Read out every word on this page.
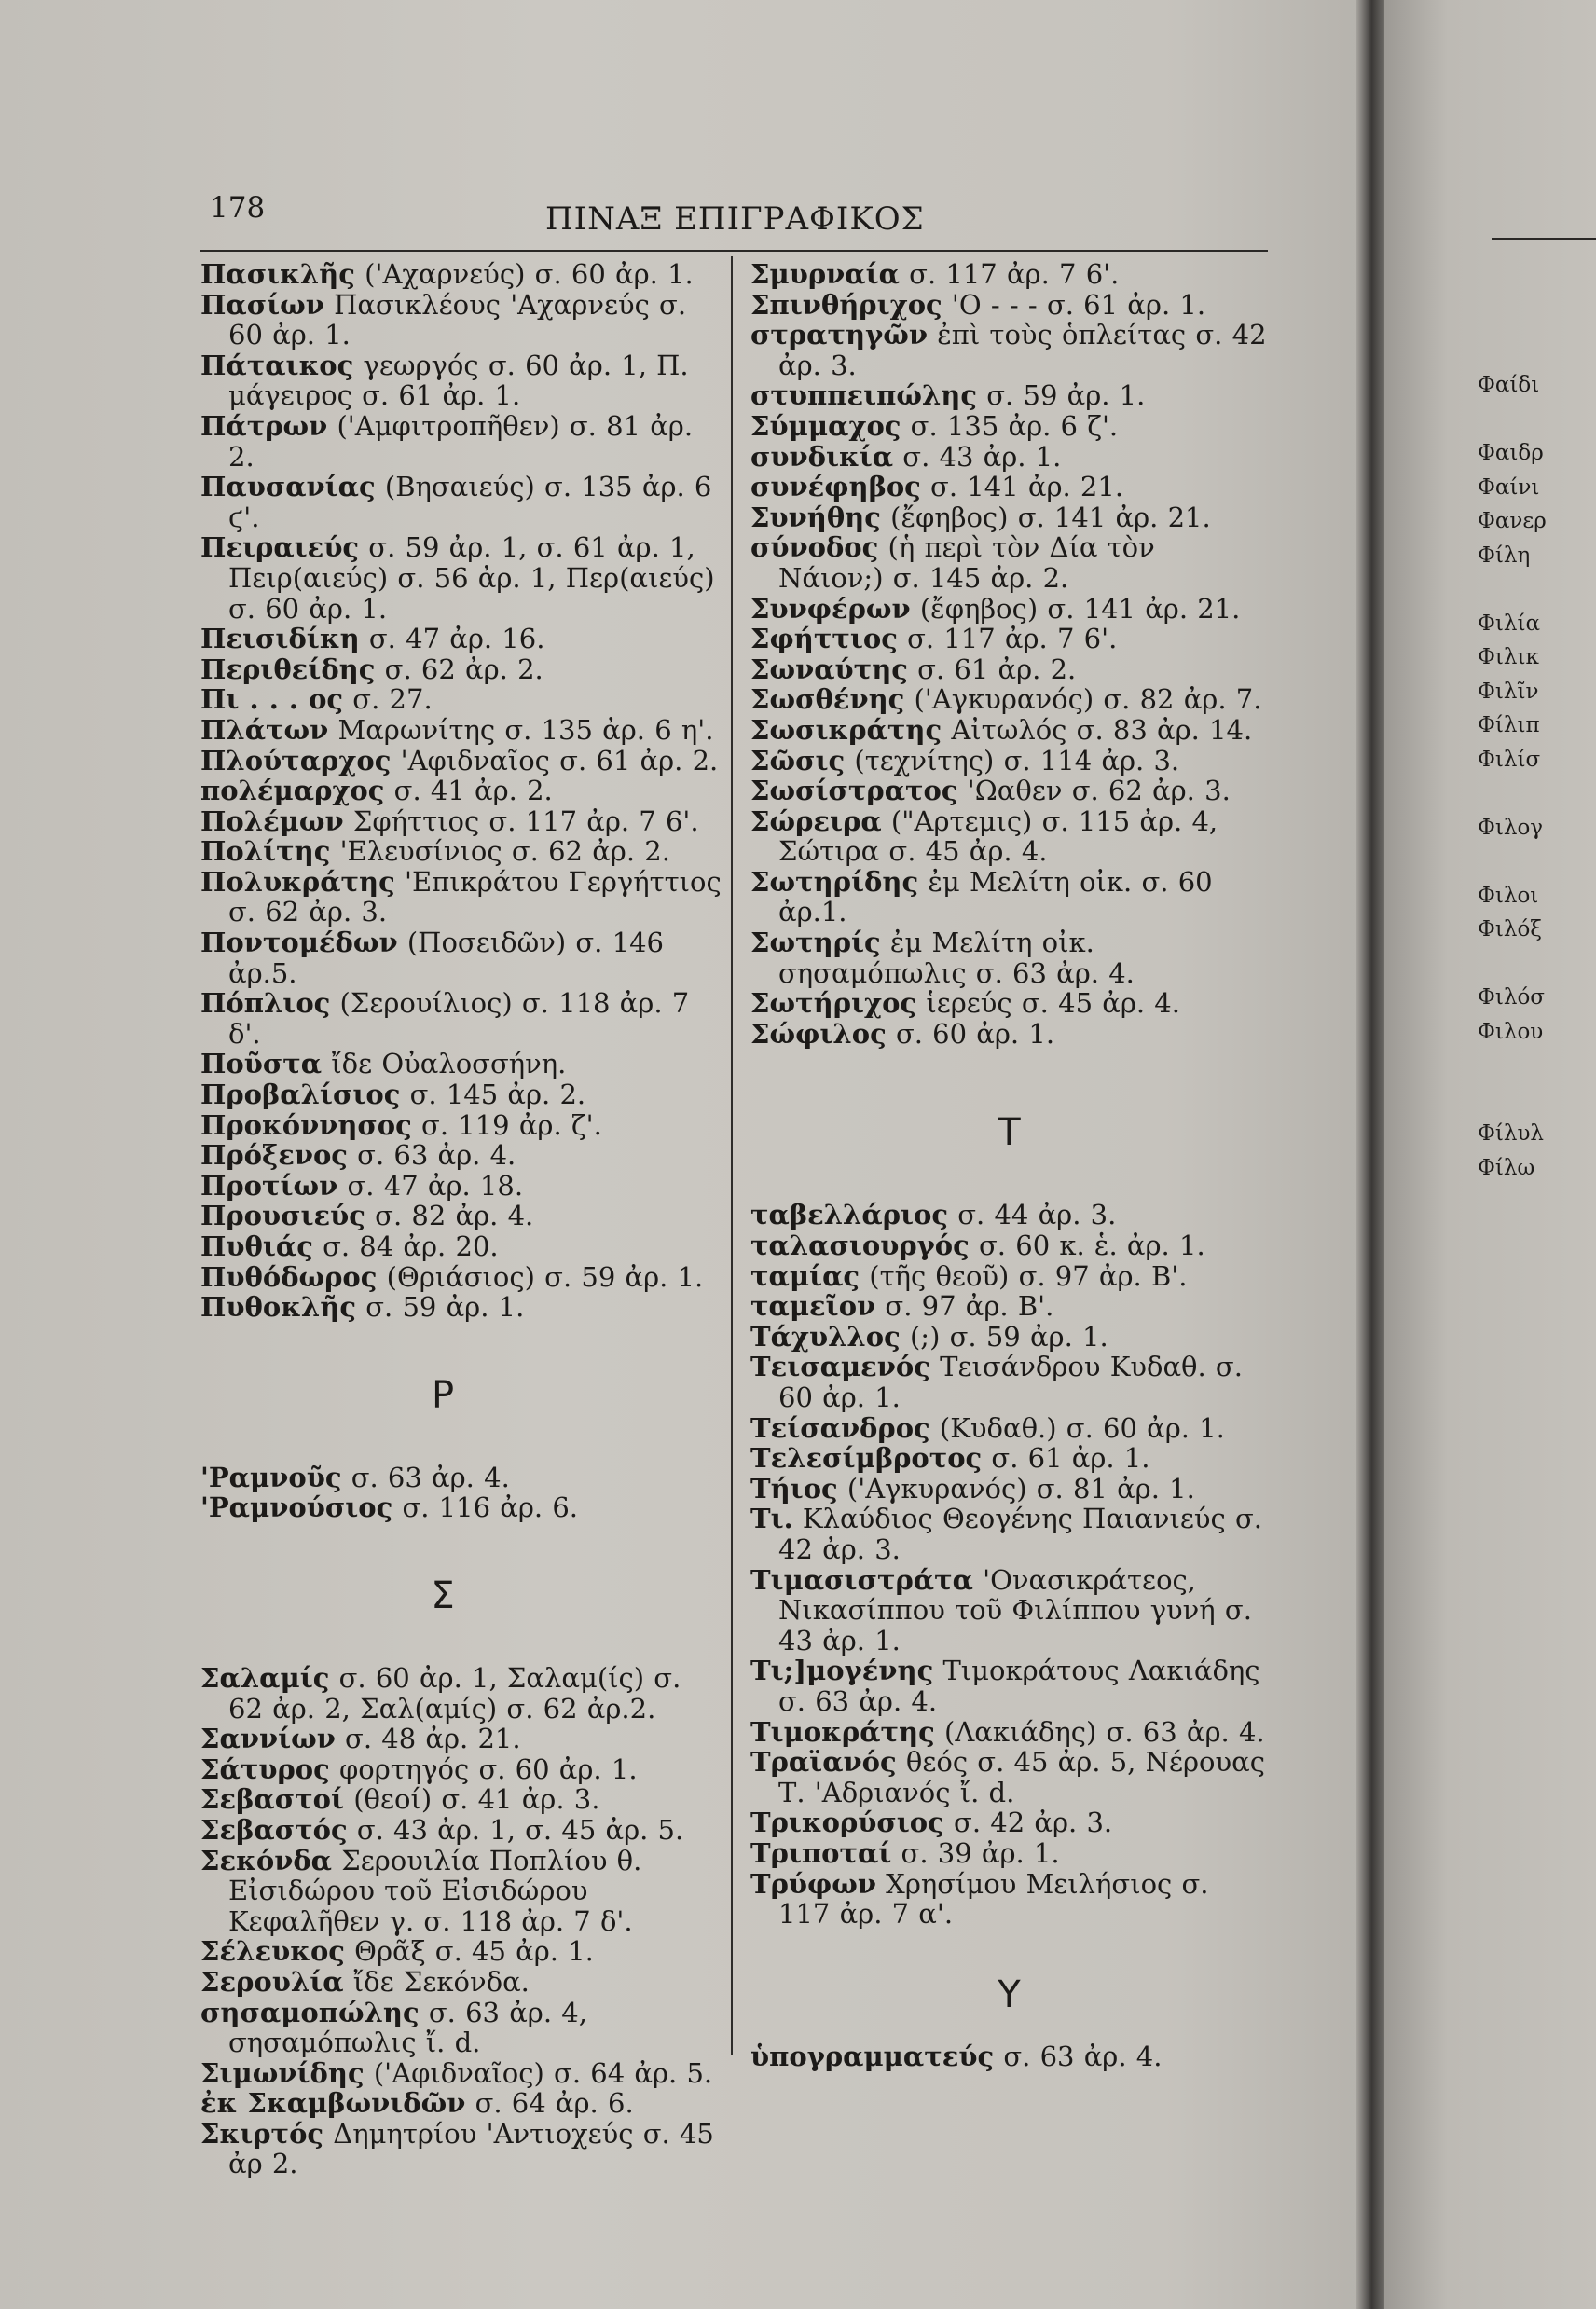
178	ΠΙΝΑΞ ΕΠΙΓΡΑΦΙΚΟΣ
Πασικλῆς ('Αχαρνεύς) σ. 60 ἀρ. 1.
Πασίων Πασικλέους 'Αχαρνεύς σ. 60 ἀρ. 1.
Πάταικος γεωργός σ. 60 ἀρ. 1, Π. μάγειρος σ. 61 ἀρ. 1.
Πάτρων ('Αμφιτροπῆθεν) σ. 81 ἀρ. 2.
Παυσανίας (Βησαιεύς) σ. 135 ἀρ. 6 ϛ'.
Πειραιεύς σ. 59 ἀρ. 1, σ. 61 ἀρ. 1, Πειρ(αιεύς) σ. 56 ἀρ. 1, Περ(αιεύς) σ. 60 ἀρ. 1.
Πεισιδίκη σ. 47 ἀρ. 16.
Περιθείδης σ. 62 ἀρ. 2.
Πι . . . ος σ. 27.
Πλάτων Μαρωνίτης σ. 135 ἀρ. 6 η'.
Πλούταρχος 'Αφιδναῖος σ. 61 ἀρ. 2.
πολέμαρχος σ. 41 ἀρ. 2.
Πολέμων Σφήττιος σ. 117 ἀρ. 7 6'.
Πολίτης 'Ελευσίνιος σ. 62 ἀρ. 2.
Πολυκράτης 'Επικράτου Γεργήττιος σ. 62 ἀρ. 3.
Ποντομέδων (Ποσειδῶν) σ. 146 ἀρ.5.
Πόπλιος (Σερουίλιος) σ. 118 ἀρ. 7 δ'.
Ποῦστα ἴδε Οὐαλοσσήνη.
Προβαλίσιος σ. 145 ἀρ. 2.
Προκόννησος σ. 119 ἀρ. ζ'.
Πρόξενος σ. 63 ἀρ. 4.
Προτίων σ. 47 ἀρ. 18.
Προυσιεύς σ. 82 ἀρ. 4.
Πυθιάς σ. 84 ἀρ. 20.
Πυθόδωρος (Θριάσιος) σ. 59 ἀρ. 1.
Πυθοκλῆς σ. 59 ἀρ. 1.
Ρ
'Ραμνοῦς σ. 63 ἀρ. 4.
'Ραμνούσιος σ. 116 ἀρ. 6.
Σ
Σαλαμίς σ. 60 ἀρ. 1, Σαλαμ(ίς) σ. 62 ἀρ. 2, Σαλ(αμίς) σ. 62 ἀρ.2.
Σαννίων σ. 48 ἀρ. 21.
Σάτυρος φορτηγός σ. 60 ἀρ. 1.
Σεβαστοί (θεοί) σ. 41 ἀρ. 3.
Σεβαστός σ. 43 ἀρ. 1, σ. 45 ἀρ. 5.
Σεκόνδα Σερουιλία Ποπλίου θ. Εἰσιδώρου τοῦ Εἰσιδώρου Κεφαλῆθεν γ. σ. 118 ἀρ. 7 δ'.
Σέλευκος Θρᾶξ σ. 45 ἀρ. 1.
Σερουλία ἴδε Σεκόνδα.
σησαμοπώλης σ. 63 ἀρ. 4, σησαμόπωλις ἴ. d.
Σιμωνίδης ('Αφιδναῖος) σ. 64 ἀρ. 5.
ἐκ Σκαμβωνιδῶν σ. 64 ἀρ. 6.
Σκιρτός Δημητρίου 'Αντιοχεύς σ. 45 ἀρ 2.
Σμυρναία σ. 117 ἀρ. 7 6'.
Σπινθήριχος 'Ο - - - σ. 61 ἀρ. 1.
στρατηγῶν ἐπὶ τοὺς ὁπλείτας σ. 42 ἀρ. 3.
στυππειπώλης σ. 59 ἀρ. 1.
Σύμμαχος σ. 135 ἀρ. 6 ζ'.
συνδικία σ. 43 ἀρ. 1.
συνέφηβος σ. 141 ἀρ. 21.
Συνήθης (ἔφηβος) σ. 141 ἀρ. 21.
σύνοδος (ἡ περὶ τὸν Δία τὸν Νάιον;) σ. 145 ἀρ. 2.
Συνφέρων (ἔφηβος) σ. 141 ἀρ. 21.
Σφήττιος σ. 117 ἀρ. 7 6'.
Σωναύτης σ. 61 ἀρ. 2.
Σωσθένης ('Αγκυρανός) σ. 82 ἀρ. 7.
Σωσικράτης Αἰτωλός σ. 83 ἀρ. 14.
Σῶσις (τεχνίτης) σ. 114 ἀρ. 3.
Σωσίστρατος 'Ωαθεν σ. 62 ἀρ. 3.
Σώρειρα ("Αρτεμις) σ. 115 ἀρ. 4, Σώτιρα σ. 45 ἀρ. 4.
Σωτηρίδης ἐμ Μελίτη οἰκ. σ. 60 ἀρ.1.
Σωτηρίς ἐμ Μελίτη οἰκ. σησαμόπωλις σ. 63 ἀρ. 4.
Σωτήριχος ἱερεύς σ. 45 ἀρ. 4.
Σώφιλος σ. 60 ἀρ. 1.
Τ
ταβελλάριος σ. 44 ἀρ. 3.
ταλασιουργός σ. 60 κ. ἑ. ἀρ. 1.
ταμίας (τῆς θεοῦ) σ. 97 ἀρ. Β'.
ταμεῖον σ. 97 ἀρ. Β'.
Τάχυλλος (;) σ. 59 ἀρ. 1.
Τεισαμενός Τεισάνδρου Κυδαθ. σ. 60 ἀρ. 1.
Τείσανδρος (Κυδαθ.) σ. 60 ἀρ. 1.
Τελεσίμβροτος σ. 61 ἀρ. 1.
Τήιος ('Αγκυρανός) σ. 81 ἀρ. 1.
Τι. Κλαύδιος Θεογένης Παιανιεύς σ. 42 ἀρ. 3.
Τιμασιστράτα 'Ονασικράτεος, Νικασίππου τοῦ Φιλίππου γυνή σ. 43 ἀρ. 1.
Τι;]μογένης Τιμοκράτους Λακιάδης σ. 63 ἀρ. 4.
Τιμοκράτης (Λακιάδης) σ. 63 ἀρ. 4.
Τραϊανός θεός σ. 45 ἀρ. 5, Νέρουας Τ. 'Αδριανός ἴ. d.
Τρικορύσιος σ. 42 ἀρ. 3.
Τριποταί σ. 39 ἀρ. 1.
Τρύφων Χρησίμου Μειλήσιος σ. 117 ἀρ. 7 α'.
Υ
ὑπογραμματεύς σ. 63 ἀρ. 4.
Φαίδι

Φαιδρ
Φαίνι
Φανερ
Φίλη

Φιλία
Φιλικ
Φιλῖν
Φίλιπ
Φιλίσ

Φιλογ

Φιλοι
Φιλόξ

Φιλόσ
Φιλου

Φίλυλ
Φίλω
